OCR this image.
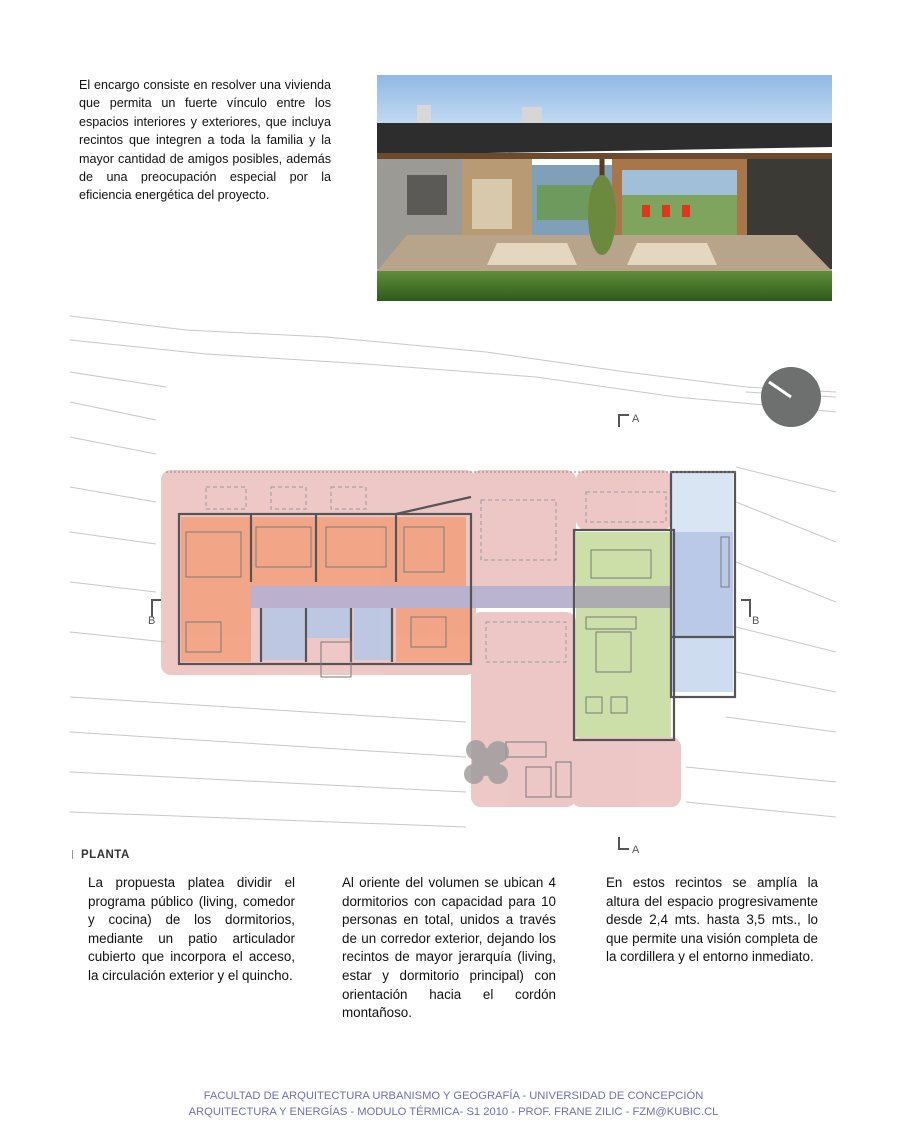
El encargo consiste en resolver una vivienda que permita un fuerte vínculo entre los espacios interiores y exteriores, que incluya recintos que integren a toda la familia y la mayor cantidad de amigos posibles, además de una preocupación especial por la eficiencia energética del proyecto.
A
A
B	B
PLANTA
La propuesta platea dividir el programa público (living, comedor y cocina) de los dormitorios, mediante un patio articulador cubierto que incorpora el acceso, la circulación exterior y el quincho.
Al oriente del volumen se ubican 4 dormitorios con capacidad para 10 personas en total, unidos a través de un corredor exterior, dejando los recintos de mayor jerarquía (living, estar y dormitorio principal) con orientación hacia el cordón montañoso.
En estos recintos se amplía la altura del espacio progresivamente desde 2,4 mts. hasta 3,5 mts., lo que permite una visión completa de la cordillera y el entorno inmediato.
FACULTAD DE ARQUITECTURA URBANISMO Y GEOGRAFÍA - UNIVERSIDAD DE CONCEPCIÓN
ARQUITECTURA Y ENERGÍAS - MODULO TÉRMICA- S1 2010 - PROF. FRANE ZILIC - FZM@KUBIC.CL
